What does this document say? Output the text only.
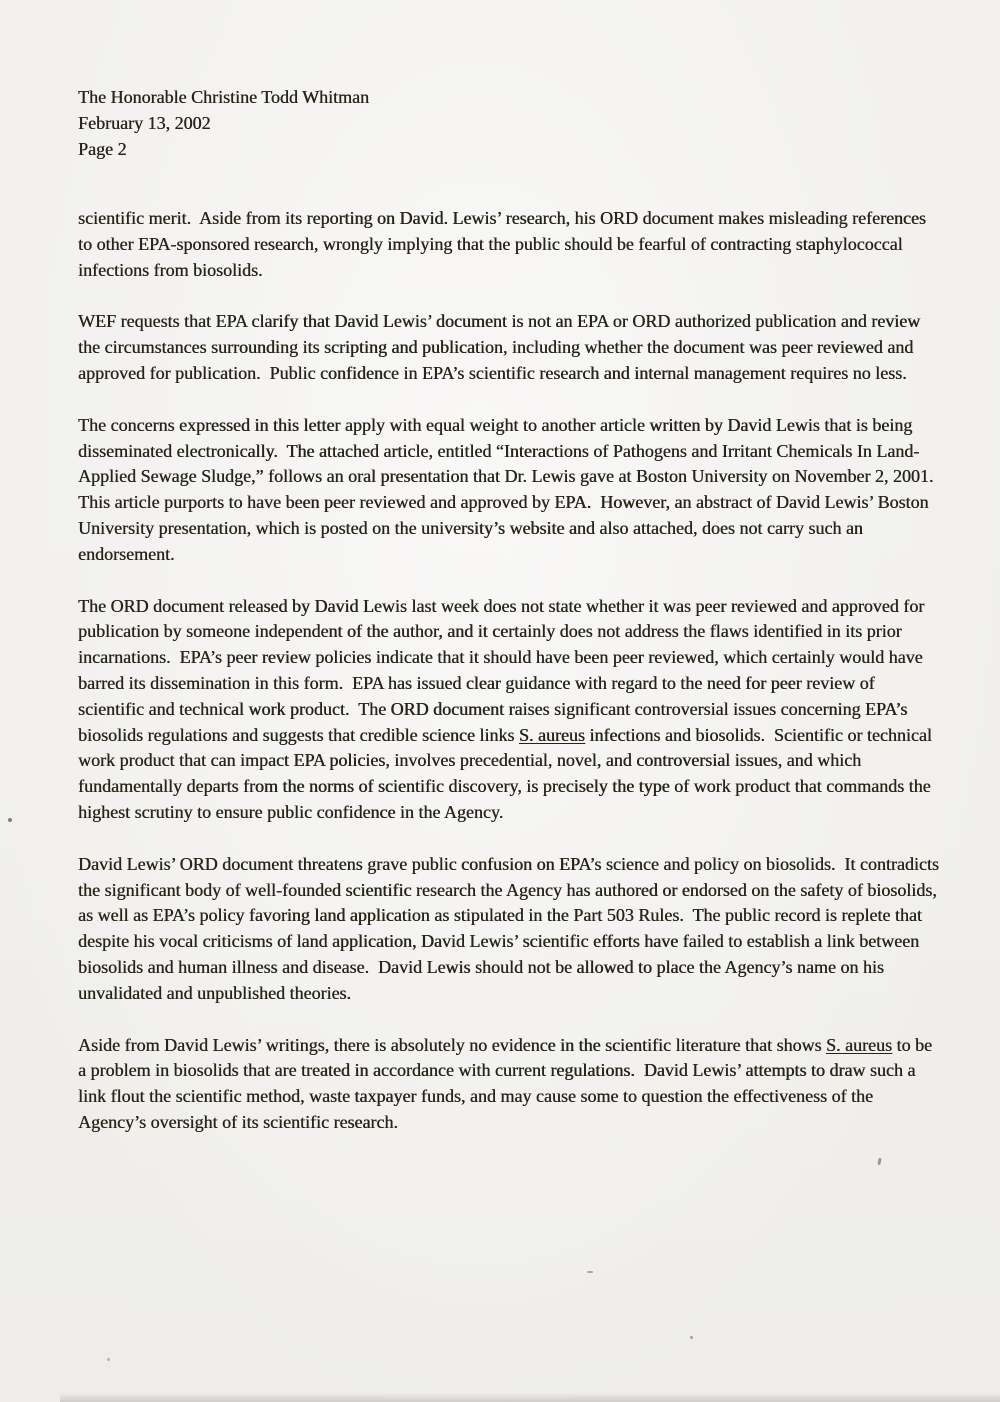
The Honorable Christine Todd Whitman
February 13, 2002
Page 2

scientific merit.  Aside from its reporting on David. Lewis’ research, his ORD document makes misleading references to other EPA-sponsored research, wrongly implying that the public should be fearful of contracting staphylococcal infections from biosolids.

WEF requests that EPA clarify that David Lewis’ document is not an EPA or ORD authorized publication and review the circumstances surrounding its scripting and publication, including whether the document was peer reviewed and approved for publication.  Public confidence in EPA’s scientific research and internal management requires no less.

The concerns expressed in this letter apply with equal weight to another article written by David Lewis that is being disseminated electronically.  The attached article, entitled “Interactions of Pathogens and Irritant Chemicals In Land-Applied Sewage Sludge,” follows an oral presentation that Dr. Lewis gave at Boston University on November 2, 2001.  This article purports to have been peer reviewed and approved by EPA.  However, an abstract of David Lewis’ Boston University presentation, which is posted on the university’s website and also attached, does not carry such an endorsement.

The ORD document released by David Lewis last week does not state whether it was peer reviewed and approved for publication by someone independent of the author, and it certainly does not address the flaws identified in its prior incarnations.  EPA’s peer review policies indicate that it should have been peer reviewed, which certainly would have barred its dissemination in this form.  EPA has issued clear guidance with regard to the need for peer review of scientific and technical work product.  The ORD document raises significant controversial issues concerning EPA’s biosolids regulations and suggests that credible science links S. aureus infections and biosolids.  Scientific or technical work product that can impact EPA policies, involves precedential, novel, and controversial issues, and which fundamentally departs from the norms of scientific discovery, is precisely the type of work product that commands the highest scrutiny to ensure public confidence in the Agency.

David Lewis’ ORD document threatens grave public confusion on EPA’s science and policy on biosolids.  It contradicts the significant body of well-founded scientific research the Agency has authored or endorsed on the safety of biosolids, as well as EPA’s policy favoring land application as stipulated in the Part 503 Rules.  The public record is replete that despite his vocal criticisms of land application, David Lewis’ scientific efforts have failed to establish a link between biosolids and human illness and disease.  David Lewis should not be allowed to place the Agency’s name on his unvalidated and unpublished theories.

Aside from David Lewis’ writings, there is absolutely no evidence in the scientific literature that shows S. aureus to be a problem in biosolids that are treated in accordance with current regulations.  David Lewis’ attempts to draw such a link flout the scientific method, waste taxpayer funds, and may cause some to question the effectiveness of the Agency’s oversight of its scientific research.
